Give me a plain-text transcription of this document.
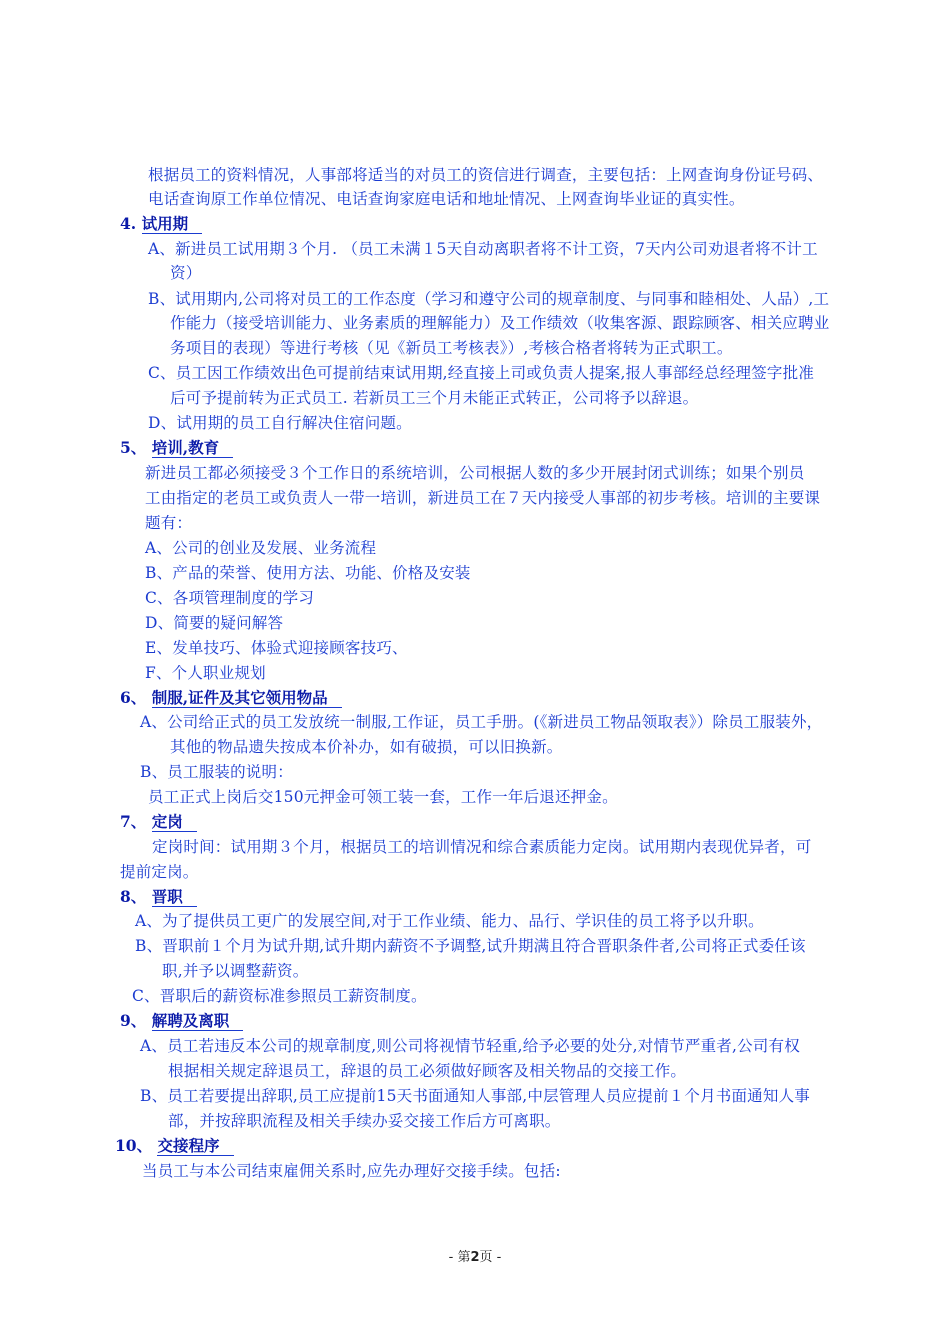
根据员工的资料情况，人事部将适当的对员工的资信进行调查，主要包括：上网查询身份证号码、
电话查询原工作单位情况、电话查询家庭电话和地址情况、上网查询毕业证的真实性。
4. 试用期
A、新进员工试用期３个月. （员工未满１5天自动离职者将不计工资，7天内公司劝退者将不计工
资）
B、试用期内,公司将对员工的工作态度（学习和遵守公司的规章制度、与同事和睦相处、人品）,工
作能力（接受培训能力、业务素质的理解能力）及工作绩效（收集客源、跟踪顾客、相关应聘业
务项目的表现）等进行考核（见《新员工考核表》）,考核合格者将转为正式职工。
C、员工因工作绩效出色可提前结束试用期,经直接上司或负责人提案,报人事部经总经理签字批准
后可予提前转为正式员工. 若新员工三个月未能正式转正，公司将予以辞退。
D、试用期的员工自行解决住宿问题。
5、 培训,教育
新进员工都必须接受３个工作日的系统培训，公司根据人数的多少开展封闭式训练；如果个别员
工由指定的老员工或负责人一带一培训，新进员工在７天内接受人事部的初步考核。培训的主要课
题有：
A、公司的创业及发展、业务流程
B、产品的荣誉、使用方法、功能、价格及安装
C、各项管理制度的学习
D、简要的疑问解答
E、发单技巧、体验式迎接顾客技巧、
F、个人职业规划
6、 制服,证件及其它领用物品
A、公司给正式的员工发放统一制服,工作证，员工手册。(《新进员工物品领取表》）除员工服装外，
其他的物品遗失按成本价补办，如有破损，可以旧换新。
B、员工服装的说明：
员工正式上岗后交150元押金可领工装一套，工作一年后退还押金。
7、 定岗
定岗时间：试用期３个月，根据员工的培训情况和综合素质能力定岗。试用期内表现优异者，可
提前定岗。
8、 晋职
A、为了提供员工更广的发展空间,对于工作业绩、能力、品行、学识佳的员工将予以升职。
B、晋职前１个月为试升期,试升期内薪资不予调整,试升期满且符合晋职条件者,公司将正式委任该
职,并予以调整薪资。
C、晋职后的薪资标准参照员工薪资制度。
9、 解聘及离职
A、员工若违反本公司的规章制度,则公司将视情节轻重,给予必要的处分,对情节严重者,公司有权
根据相关规定辞退员工，辞退的员工必须做好顾客及相关物品的交接工作。
B、员工若要提出辞职,员工应提前15天书面通知人事部,中层管理人员应提前１个月书面通知人事
部，并按辞职流程及相关手续办妥交接工作后方可离职。
10、 交接程序
当员工与本公司结束雇佣关系时,应先办理好交接手续。包括:
- 第2页 -
